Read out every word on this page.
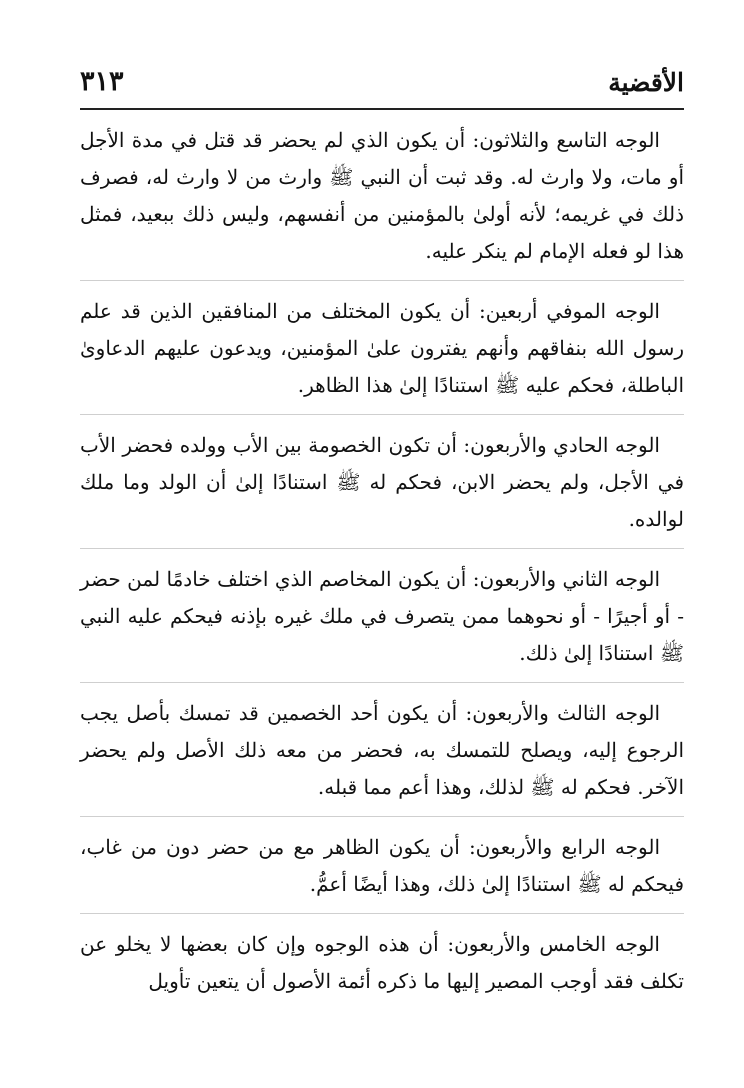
الأقضية
٣١٣

الوجه التاسع والثلاثون: أن يكون الذي لم يحضر قد قتل في مدة الأجل أو مات، ولا وارث له. وقد ثبت أن النبي ﷺ وارث من لا وارث له، فصرف ذلك في غريمه؛ لأنه أولىٰ بالمؤمنين من أنفسهم، وليس ذلك ببعيد، فمثل هذا لو فعله الإمام لم ينكر عليه.

الوجه الموفي أربعين: أن يكون المختلف من المنافقين الذين قد علم رسول الله بنفاقهم وأنهم يفترون علىٰ المؤمنين، ويدعون عليهم الدعاوىٰ الباطلة، فحكم عليه ﷺ استنادًا إلىٰ هذا الظاهر.

الوجه الحادي والأربعون: أن تكون الخصومة بين الأب وولده فحضر الأب في الأجل، ولم يحضر الابن، فحكم له ﷺ استنادًا إلىٰ أن الولد وما ملك لوالده.

الوجه الثاني والأربعون: أن يكون المخاصم الذي اختلف خادمًا لمن حضر - أو أجيرًا - أو نحوهما ممن يتصرف في ملك غيره بإذنه فيحكم عليه النبي ﷺ استنادًا إلىٰ ذلك.

الوجه الثالث والأربعون: أن يكون أحد الخصمين قد تمسك بأصل يجب الرجوع إليه، ويصلح للتمسك به، فحضر من معه ذلك الأصل ولم يحضر الآخر. فحكم له ﷺ لذلك، وهذا أعم مما قبله.

الوجه الرابع والأربعون: أن يكون الظاهر مع من حضر دون من غاب، فيحكم له ﷺ استنادًا إلىٰ ذلك، وهذا أيضًا أعمُّ.

الوجه الخامس والأربعون: أن هذه الوجوه وإن كان بعضها لا يخلو عن تكلف فقد أوجب المصير إليها ما ذكره أئمة الأصول أن يتعين تأويل
